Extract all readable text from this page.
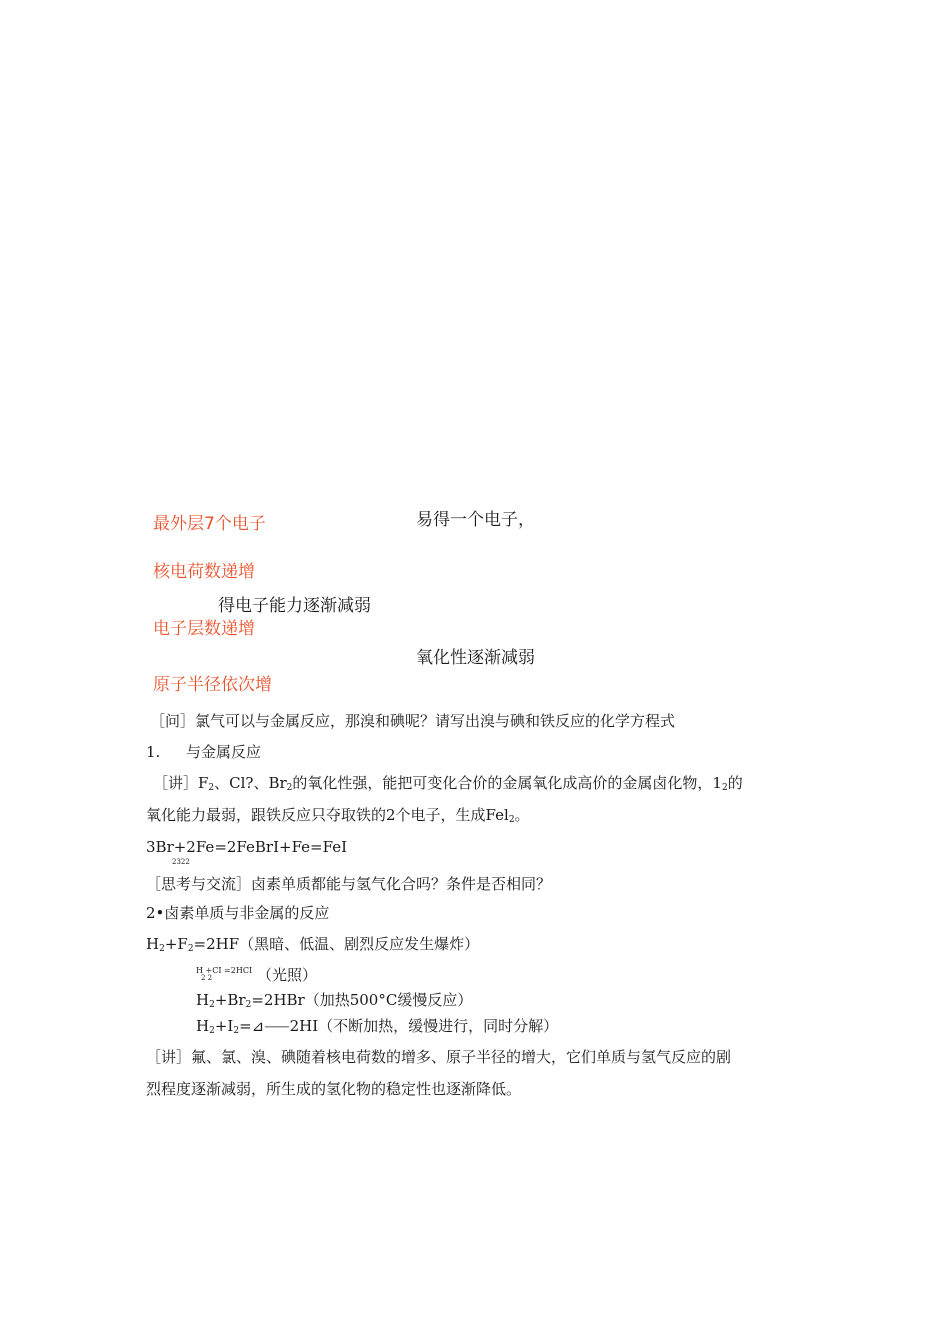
最外层7个电子	易得一个电子，
核电荷数递增
得电子能力逐渐减弱
电子层数递增
氧化性逐渐减弱
原子半径依次增
［问］氯气可以与金属反应，那溴和碘呢？请写出溴与碘和铁反应的化学方程式
1. 与金属反应
［讲$]F_2$、Cl?、$Br_2$的氧化性强，能把可变化合价的金属氧化成高价的金属卤化物，$1_2$的
氧化能力最弱，跟铁反应只夺取铁的2个电子，生成Fel$_2$。
3Br+2Fe=2FeBrI+Fe=FeI
2322
［思考与交流］卤素单质都能与氢气化合吗？条件是否相同？
2•卤素单质与非金属的反应
$H_2+F_2=2HF$（黑暗、低温、剧烈反应发生爆炸）
H +CI =2HCI
2 2	（光照）
$H_2+Br_2=2HBr$（加热500°C缓慢反应）
$H_2+I_2=⊿⸺2HI$（不断加热，缓慢进行，同时分解）
［讲］氟、氯、溴、碘随着核电荷数的增多、原子半径的增大，它们单质与氢气反应的剧
烈程度逐渐减弱，所生成的氢化物的稳定性也逐渐降低。
